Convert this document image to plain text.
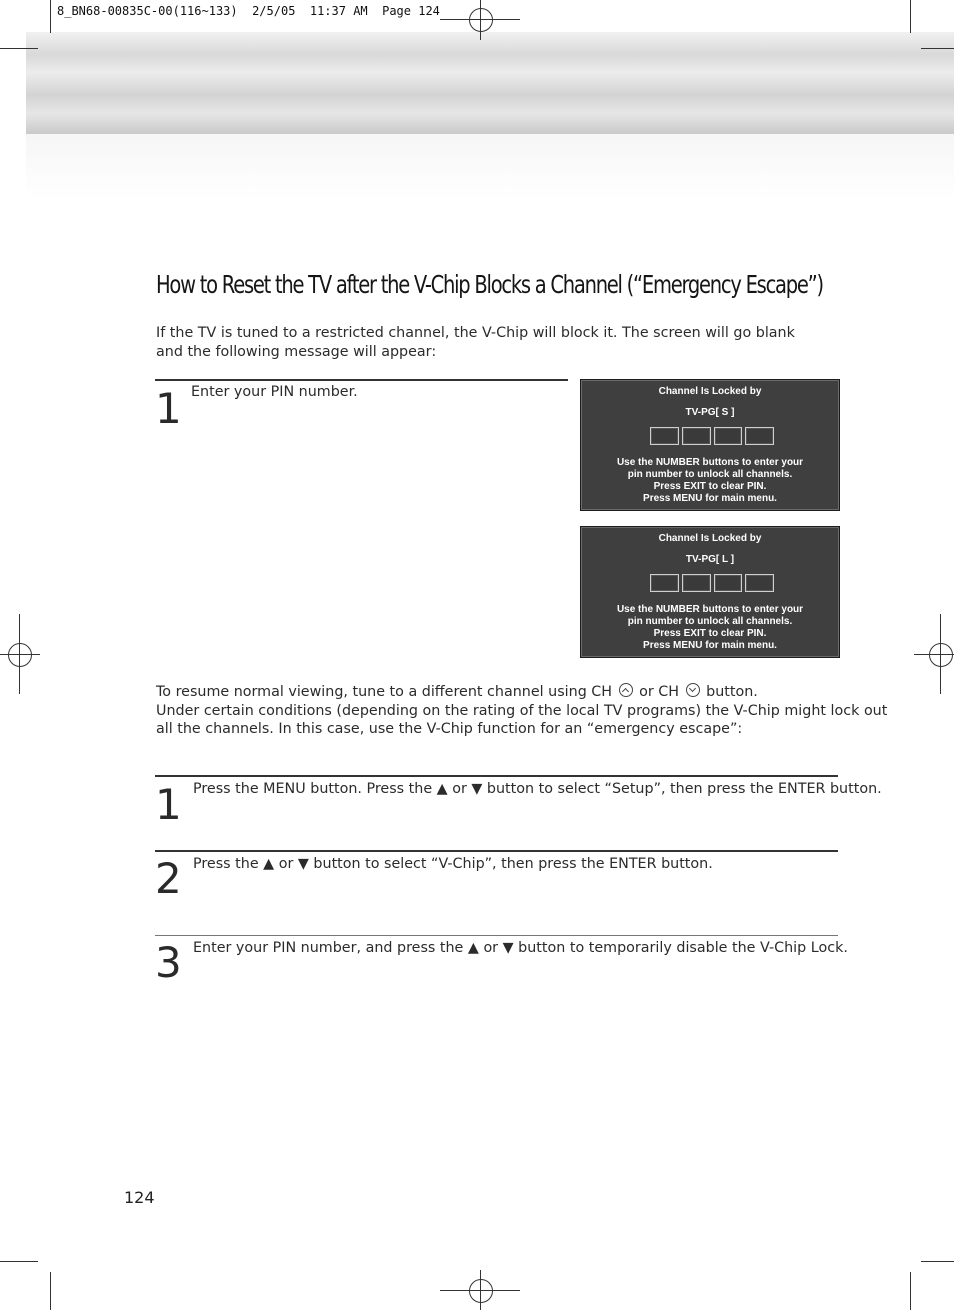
8_BN68-00835C-00(116~133)  2/5/05  11:37 AM  Page 124
How to Reset the TV after the V-Chip Blocks a Channel (“Emergency Escape”)
If the TV is tuned to a restricted channel, the V-Chip will block it. The screen will go blank and the following message will appear:
1 Enter your PIN number.	Channel Is Locked by
TV-PG[ S ]
Use the NUMBER buttons to enter your
pin number to unlock all channels.
Press EXIT to clear PIN.
Press MENU for main menu.
Channel Is Locked by
TV-PG[ L ]
Use the NUMBER buttons to enter your
pin number to unlock all channels.
Press EXIT to clear PIN.
Press MENU for main menu.
To resume normal viewing, tune to a different channel using CH or CH button.
Under certain conditions (depending on the rating of the local TV programs) the V-Chip might lock out
all the channels. In this case, use the V-Chip function for an “emergency escape”:
1 Press the MENU button. Press the ▲ or ▼ button to select “Setup”, then press the ENTER button.
2 Press the ▲ or ▼ button to select “V-Chip”, then press the ENTER button.
3 Enter your PIN number, and press the ▲ or ▼ button to temporarily disable the V-Chip Lock.
124
